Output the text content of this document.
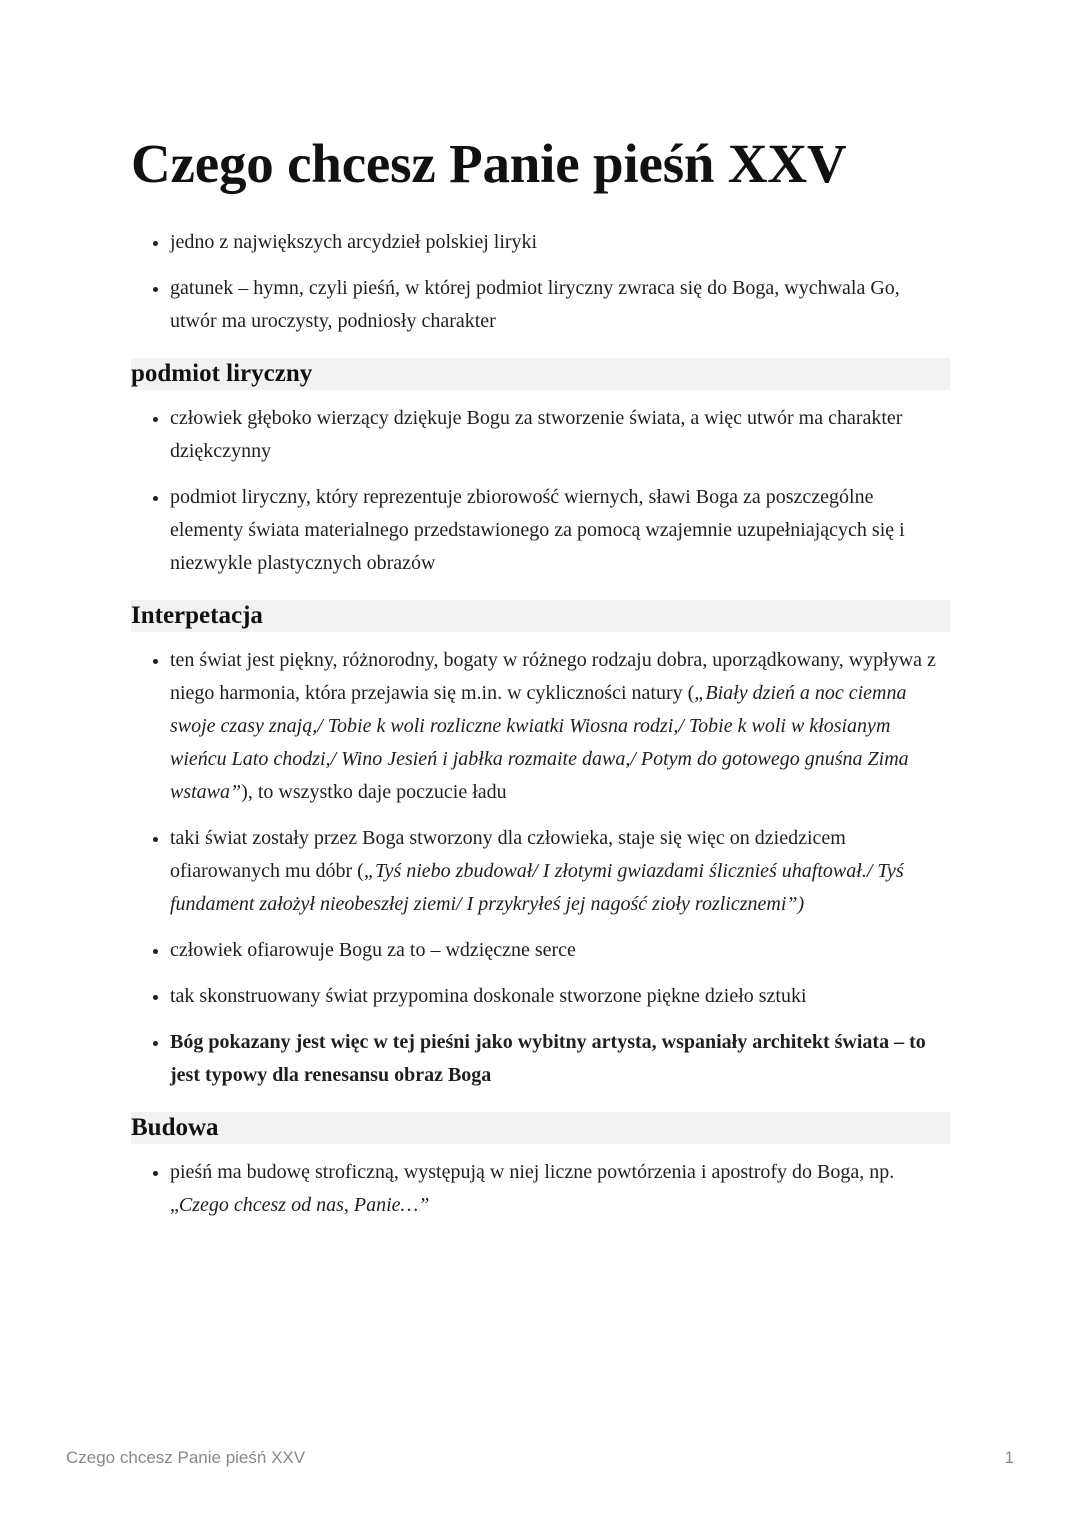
Czego chcesz Panie pieśń XXV
• jedno z największych arcydzieł polskiej liryki
• gatunek – hymn, czyli pieśń, w której podmiot liryczny zwraca się do Boga, wychwala Go, utwór ma uroczysty, podniosły charakter
podmiot liryczny
• człowiek głęboko wierzący dziękuje Bogu za stworzenie świata, a więc utwór ma charakter dziękczynny
• podmiot liryczny, który reprezentuje zbiorowość wiernych, sławi Boga za poszczególne elementy świata materialnego przedstawionego za pomocą wzajemnie uzupełniających się i niezwykle plastycznych obrazów
Interpetacja
• ten świat jest piękny, różnorodny, bogaty w różnego rodzaju dobra, uporządkowany, wypływa z niego harmonia, która przejawia się m.in. w cykliczności natury („Biały dzień a noc ciemna swoje czasy znają,/ Tobie k woli rozliczne kwiatki Wiosna rodzi,/ Tobie k woli w kłosianym wieńcu Lato chodzi,/ Wino Jesień i jabłka rozmaite dawa,/ Potym do gotowego gnuśna Zima wstawa”), to wszystko daje poczucie ładu
• taki świat zostały przez Boga stworzony dla człowieka, staje się więc on dziedzicem ofiarowanych mu dóbr („Tyś niebo zbudował/ I złotymi gwiazdami ślicznieś uhaftował./ Tyś fundament założył nieobeszłej ziemi/ I przykryłeś jej nagość zioły rozlicznemi”)
• człowiek ofiarowuje Bogu za to – wdzięczne serce
• tak skonstruowany świat przypomina doskonale stworzone piękne dzieło sztuki
• Bóg pokazany jest więc w tej pieśni jako wybitny artysta, wspaniały architekt świata – to jest typowy dla renesansu obraz Boga
Budowa
• pieśń ma budowę stroficzną, występują w niej liczne powtórzenia i apostrofy do Boga, np. „Czego chcesz od nas, Panie…”
Czego chcesz Panie pieśń XXV	1
